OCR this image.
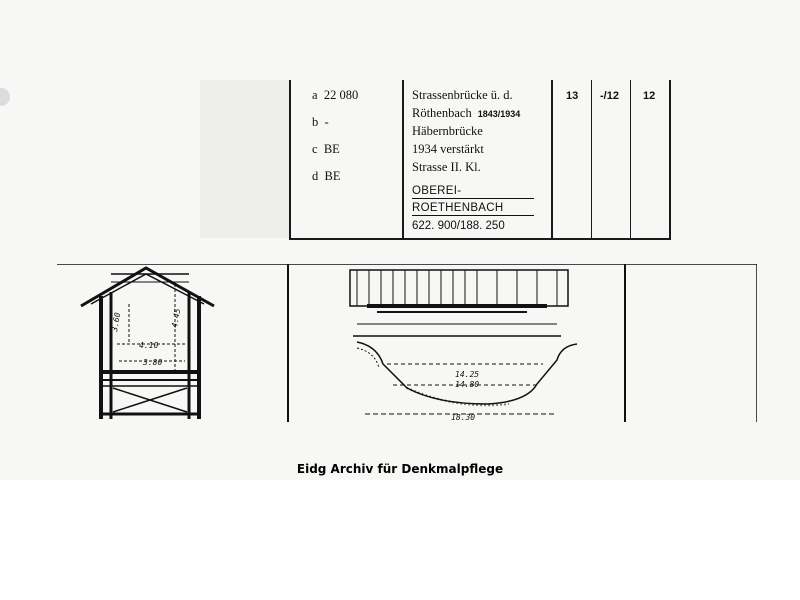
a 22 080
b -
c BE
d BE
Strassenbrücke ü. d.
Röthenbach 1843/1934
Häbernbrücke
1934 verstärkt
Strasse II. Kl.
OBEREI-
ROETHENBACH
622. 900/188. 250
13 -/12 12
3.60	4.45
4.10
3.80
14.25
14.80
18.30
Eidg Archiv für Denkmalpflege
